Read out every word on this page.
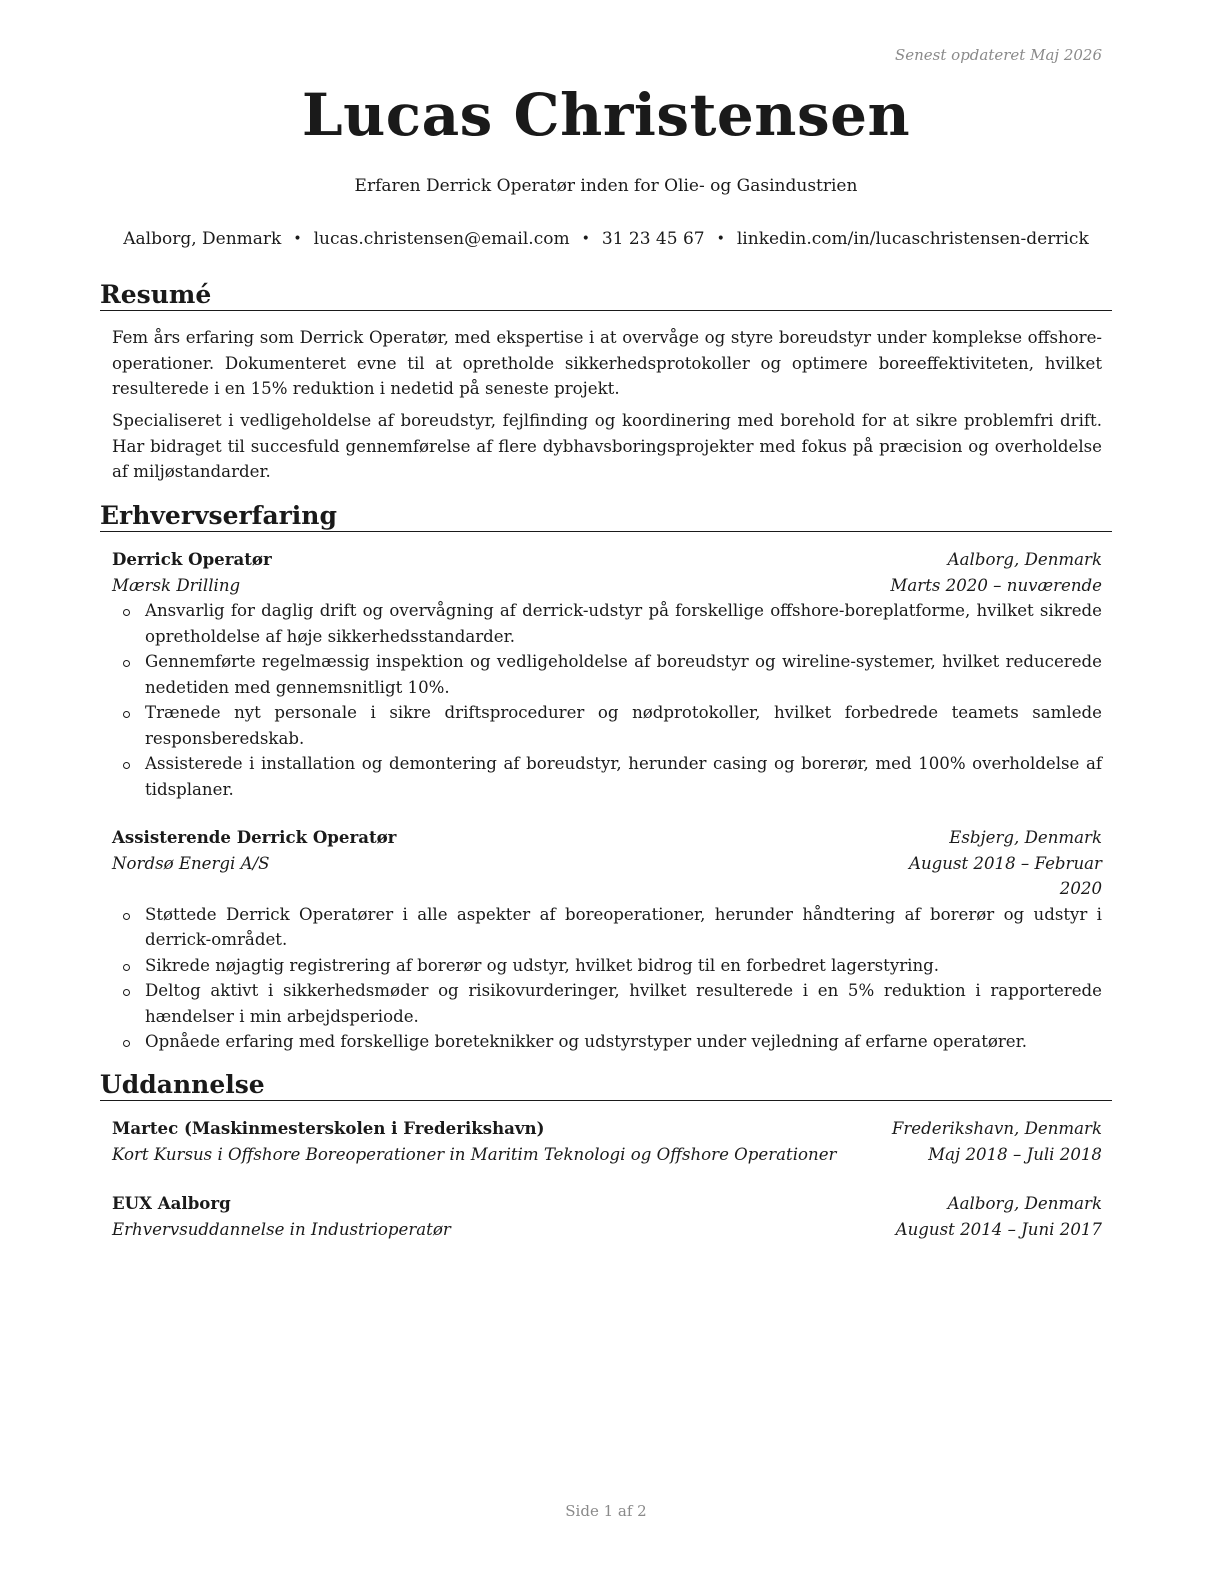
Senest opdateret Maj 2026
Lucas Christensen
Erfaren Derrick Operatør inden for Olie- og Gasindustrien
Aalborg, Denmark • lucas.christensen@email.com • 31 23 45 67 • linkedin.com/in/lucaschristensen-derrick
Resumé
Fem års erfaring som Derrick Operatør, med ekspertise i at overvåge og styre boreudstyr under komplekse offshore-operationer. Dokumenteret evne til at opretholde sikkerhedsprotokoller og optimere boreeffektiviteten, hvilket resulterede i en 15% reduktion i nedetid på seneste projekt.
Specialiseret i vedligeholdelse af boreudstyr, fejlfinding og koordinering med borehold for at sikre problemfri drift. Har bidraget til succesfuld gennemførelse af flere dybhavsboringsprojekter med fokus på præcision og overholdelse af miljøstandarder.
Erhvervserfaring
Derrick Operatør	Aalborg, Denmark
Mærsk Drilling	Marts 2020 – nuværende
Ansvarlig for daglig drift og overvågning af derrick-udstyr på forskellige offshore-boreplatforme, hvilket sikrede opretholdelse af høje sikkerhedsstandarder.
Gennemførte regelmæssig inspektion og vedligeholdelse af boreudstyr og wireline-systemer, hvilket reducerede nedetiden med gennemsnitligt 10%.
Trænede nyt personale i sikre driftsprocedurer og nødprotokoller, hvilket forbedrede teamets samlede responsberedskab.
Assisterede i installation og demontering af boreudstyr, herunder casing og borerør, med 100% overholdelse af tidsplaner.
Assisterende Derrick Operatør	Esbjerg, Denmark
Nordsø Energi A/S	August 2018 – Februar 2020
Støttede Derrick Operatører i alle aspekter af boreoperationer, herunder håndtering af borerør og udstyr i derrick-området.
Sikrede nøjagtig registrering af borerør og udstyr, hvilket bidrog til en forbedret lagerstyring.
Deltog aktivt i sikkerhedsmøder og risikovurderinger, hvilket resulterede i en 5% reduktion i rapporterede hændelser i min arbejdsperiode.
Opnåede erfaring med forskellige boreteknikker og udstyrstyper under vejledning af erfarne operatører.
Uddannelse
Martec (Maskinmesterskolen i Frederikshavn)	Frederikshavn, Denmark
Kort Kursus i Offshore Boreoperationer in Maritim Teknologi og Offshore Operationer	Maj 2018 – Juli 2018
EUX Aalborg	Aalborg, Denmark
Erhvervsuddannelse in Industrioperatør	August 2014 – Juni 2017
Side 1 af 2
